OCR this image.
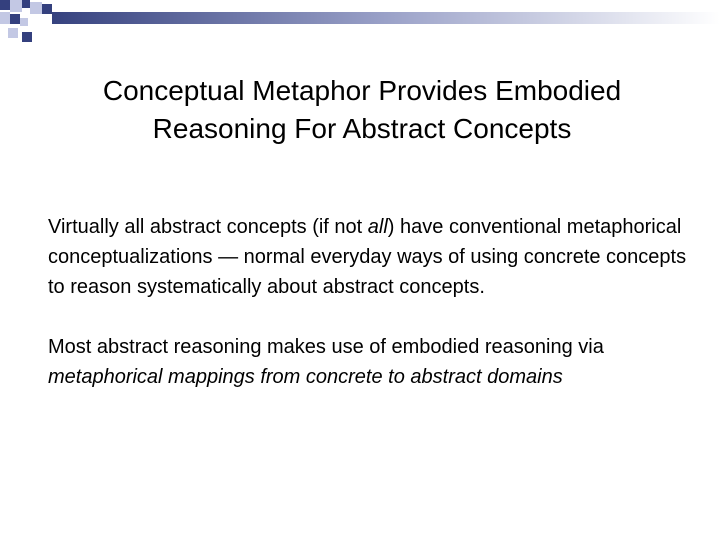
Conceptual Metaphor Provides Embodied Reasoning For Abstract Concepts

Virtually all abstract concepts (if not all) have conventional metaphorical conceptualizations — normal everyday ways of using concrete concepts to reason systematically about abstract concepts.

Most abstract reasoning makes use of embodied reasoning via metaphorical mappings from concrete to abstract domains
